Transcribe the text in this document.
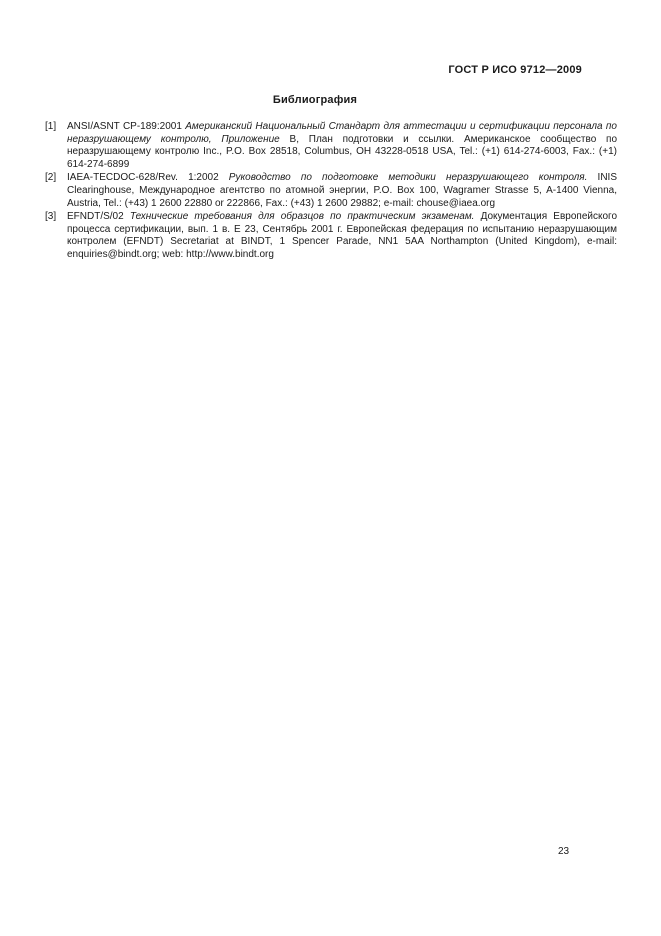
ГОСТ Р ИСО 9712—2009
Библиография
[1] ANSI/ASNT CP-189:2001 Американский Национальный Стандарт для аттестации и сертификации персонала по неразрушающему контролю, Приложение В, План подготовки и ссылки. Американское сообщество по неразрушающему контролю Inc., P.O. Box 28518, Columbus, OH 43228-0518 USA, Tel.: (+1) 614-274-6003, Fax.: (+1) 614-274-6899
[2] IAEA-TECDOC-628/Rev. 1:2002 Руководство по подготовке методики неразрушающего контроля. INIS Clearinghouse, Международное агентство по атомной энергии, P.O. Box 100, Wagramer Strasse 5, A-1400 Vienna, Austria, Tel.: (+43) 1 2600 22880 or 222866, Fax.: (+43) 1 2600 29882; e-mail: chouse@iaea.org
[3] EFNDT/S/02 Технические требования для образцов по практическим экзаменам. Документация Европейского процесса сертификации, вып. 1 в. Е 23, Сентябрь 2001 г. Европейская федерация по испытанию неразрушающим контролем (EFNDT) Secretariat at BINDT, 1 Spencer Parade, NN1 5AA Northampton (United Kingdom), e-mail: enquiries@bindt.org; web: http://www.bindt.org
23
